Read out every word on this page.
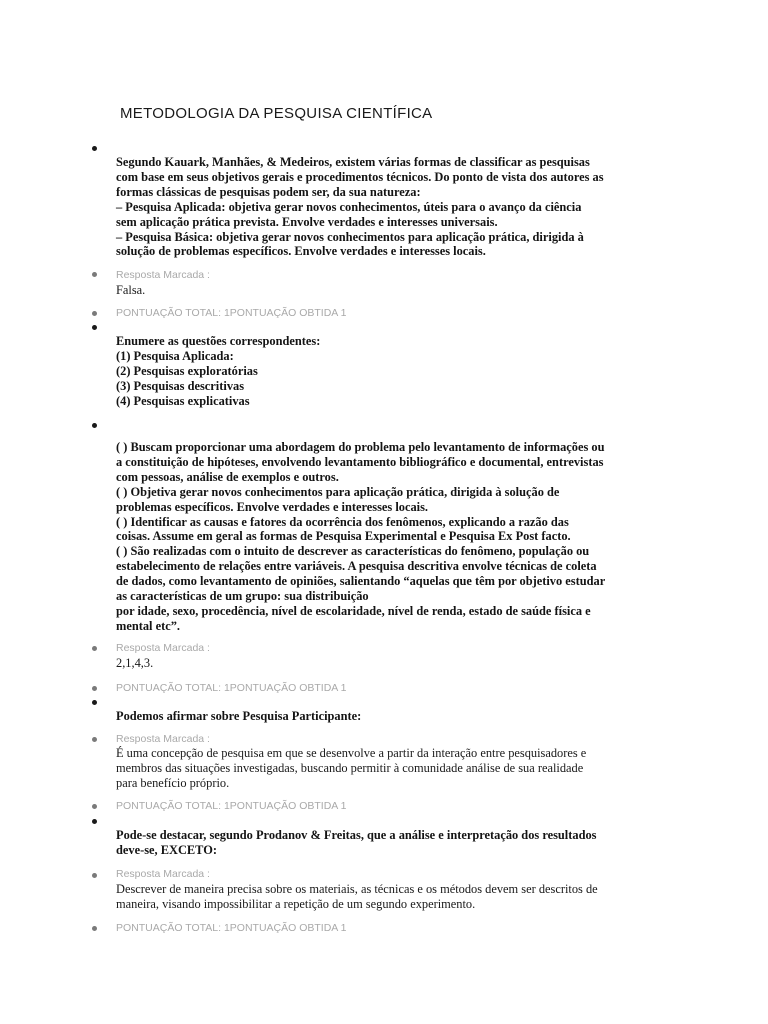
METODOLOGIA DA PESQUISA CIENTÍFICA
Segundo Kauark, Manhães, & Medeiros, existem várias formas de classificar as pesquisas
com base em seus objetivos gerais e procedimentos técnicos. Do ponto de vista dos autores as
formas clássicas de pesquisas podem ser, da sua natureza:
– Pesquisa Aplicada: objetiva gerar novos conhecimentos, úteis para o avanço da ciência
sem aplicação prática prevista. Envolve verdades e interesses universais.
– Pesquisa Básica: objetiva gerar novos conhecimentos para aplicação prática, dirigida à
solução de problemas específicos. Envolve verdades e interesses locais.
Resposta Marcada :
Falsa.
PONTUAÇÃO TOTAL: 1PONTUAÇÃO OBTIDA 1
Enumere as questões correspondentes:
(1) Pesquisa Aplicada:
(2) Pesquisas exploratórias
(3) Pesquisas descritivas
(4) Pesquisas explicativas
( ) Buscam proporcionar uma abordagem do problema pelo levantamento de informações ou
a constituição de hipóteses, envolvendo levantamento bibliográfico e documental, entrevistas
com pessoas, análise de exemplos e outros.
( ) Objetiva gerar novos conhecimentos para aplicação prática, dirigida à solução de
problemas específicos. Envolve verdades e interesses locais.
( ) Identificar as causas e fatores da ocorrência dos fenômenos, explicando a razão das
coisas. Assume em geral as formas de Pesquisa Experimental e Pesquisa Ex Post facto.
( ) São realizadas com o intuito de descrever as características do fenômeno, população ou
estabelecimento de relações entre variáveis. A pesquisa descritiva envolve técnicas de coleta
de dados, como levantamento de opiniões, salientando “aquelas que têm por objetivo estudar
as características de um grupo: sua distribuição
por idade, sexo, procedência, nível de escolaridade, nível de renda, estado de saúde física e
mental etc”.
Resposta Marcada :
2,1,4,3.
PONTUAÇÃO TOTAL: 1PONTUAÇÃO OBTIDA 1
Podemos afirmar sobre Pesquisa Participante:
Resposta Marcada :
É uma concepção de pesquisa em que se desenvolve a partir da interação entre pesquisadores e
membros das situações investigadas, buscando permitir à comunidade análise de sua realidade
para benefício próprio.
PONTUAÇÃO TOTAL: 1PONTUAÇÃO OBTIDA 1
Pode-se destacar, segundo Prodanov & Freitas, que a análise e interpretação dos resultados
deve-se, EXCETO:
Resposta Marcada :
Descrever de maneira precisa sobre os materiais, as técnicas e os métodos devem ser descritos de
maneira, visando impossibilitar a repetição de um segundo experimento.
PONTUAÇÃO TOTAL: 1PONTUAÇÃO OBTIDA 1
